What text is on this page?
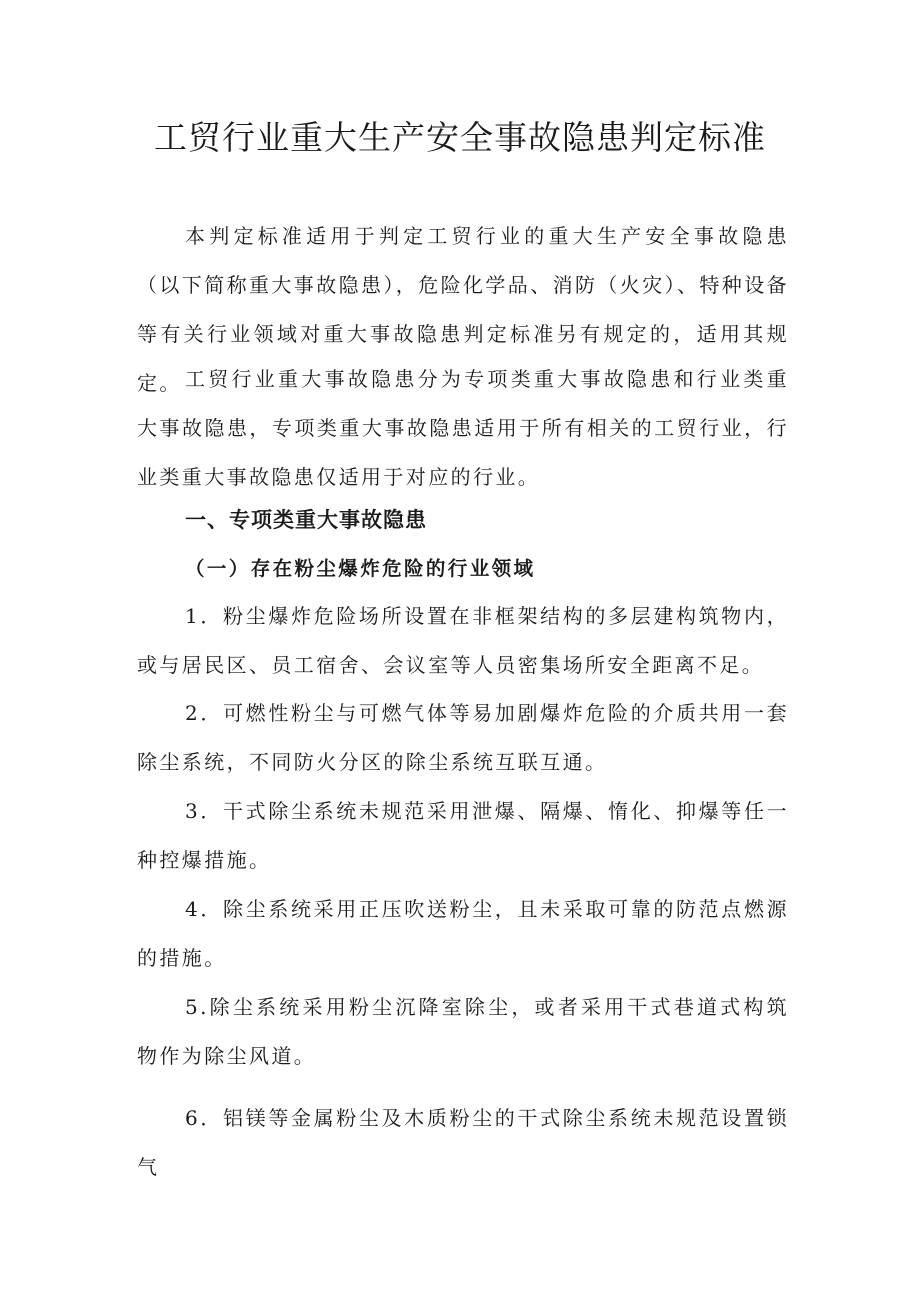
工贸行业重大生产安全事故隐患判定标准

本判定标准适用于判定工贸行业的重大生产安全事故隐患（以下简称重大事故隐患），危险化学品、消防（火灾）、特种设备等有关行业领域对重大事故隐患判定标准另有规定的，适用其规定。 工贸行业重大事故隐患分为专项类重大事故隐患和行业类重大事故隐患，专项类重大事故隐患适用于所有相关的工贸行业，行业类重大事故隐患仅适用于对应的行业。

一、专项类重大事故隐患
（一）存在粉尘爆炸危险的行业领域

1．粉尘爆炸危险场所设置在非框架结构的多层建构筑物内，或与居民区、员工宿舍、会议室等人员密集场所安全距离不足。

2．可燃性粉尘与可燃气体等易加剧爆炸危险的介质共用一套除尘系统，不同防火分区的除尘系统互联互通。

3．干式除尘系统未规范采用泄爆、隔爆、惰化、抑爆等任一种控爆措施。

4．除尘系统采用正压吹送粉尘，且未采取可靠的防范点燃源的措施。

5.除尘系统采用粉尘沉降室除尘，或者采用干式巷道式构筑物作为除尘风道。

6．铝镁等金属粉尘及木质粉尘的干式除尘系统未规范设置锁气
